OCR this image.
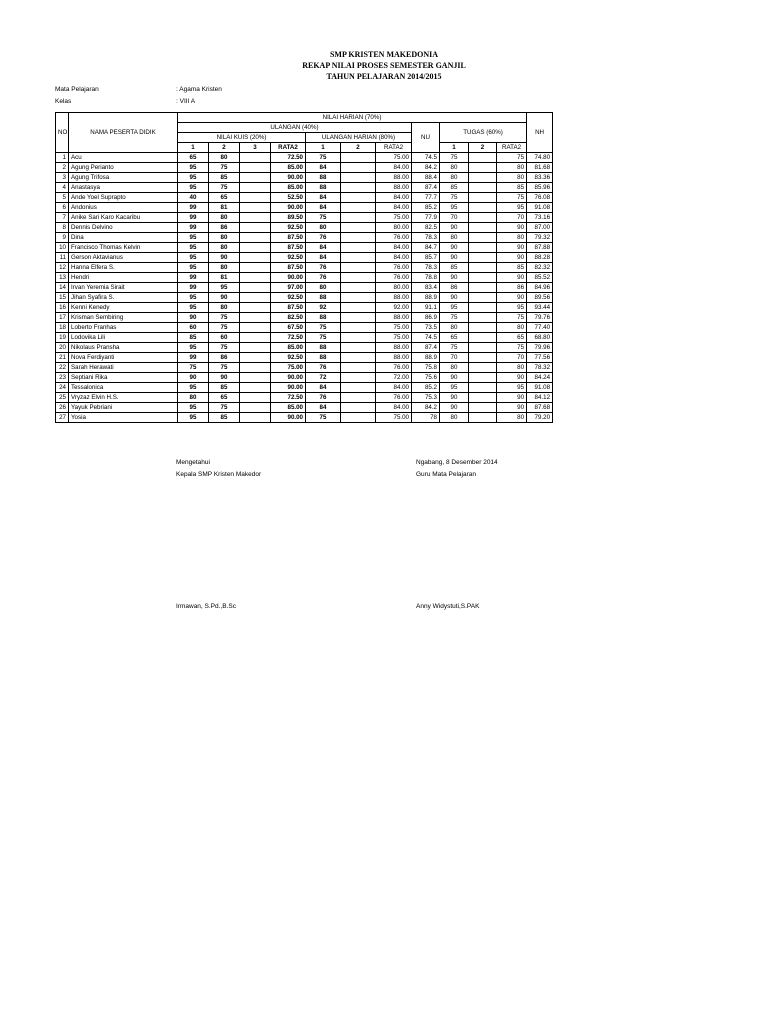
SMP KRISTEN MAKEDONIA
REKAP NILAI PROSES SEMESTER GANJIL
TAHUN PELAJARAN 2014/2015
Mata Pelajaran	: Agama Kristen
Kelas	: VIII A
NO	NAMA PESERTA DIDIK	NILAI HARIAN (70%)											NH
		ULANGAN (40%)							NU	TUGAS (60%)			
		NILAI KUIS (20%)				ULANGAN HARIAN (80%)							
		1	2	3	RATA2	1	2	RATA2		1	2	RATA2	
1	Acu	65	80		72.50	75		75.00	74.5	75		75	74.80
2	Agung Perianto	95	75		85.00	84		84.00	84.2	80		80	81.68
3	Agung Trifosa	95	85		90.00	88		88.00	88.4	80		80	83.36
4	Anastasya	95	75		85.00	88		88.00	87.4	85		85	85.96
5	Ande Yoel Suprapto	40	65		52.50	84		84.00	77.7	75		75	76.08
6	Andonius	99	81		90.00	84		84.00	85.2	95		95	91.08
7	Anike Sari Karo Kacaribu	99	80		89.50	75		75.00	77.9	70		70	73.16
8	Dennis Delvino	99	86		92.50	80		80.00	82.5	90		90	87.00
9	Dina	95	80		87.50	76		76.00	78.3	80		80	79.32
10	Francisco Thomas Kelvin	95	80		87.50	84		84.00	84.7	90		90	87.88
11	Gerson Aktavianus	95	90		92.50	84		84.00	85.7	90		90	88.28
12	Hanna Elfera S.	95	80		87.50	76		76.00	78.3	85		85	82.32
13	Hendri	99	81		90.00	76		76.00	78.8	90		90	85.52
14	Irvan Yeremia Sirait	99	95		97.00	80		80.00	83.4	86		86	84.96
15	Jihan Syafira S.	95	90		92.50	88		88.00	88.9	90		90	89.56
16	Kenni Kenedy	95	80		87.50	92		92.00	91.1	95		95	93.44
17	Krisman Sembiring	90	75		82.50	88		88.00	86.9	75		75	79.76
18	Loberto Franhas	60	75		67.50	75		75.00	73.5	80		80	77.40
19	Lodovika Lili	85	60		72.50	75		75.00	74.5	65		65	68.80
20	Nikolaus Pransha	95	75		85.00	88		88.00	87.4	75		75	79.96
21	Nova Ferdiyanti	99	86		92.50	88		88.00	88.9	70		70	77.56
22	Sarah Herawati	75	75		75.00	76		76.00	75.8	80		80	78.32
23	Septiani Rika	90	90		90.00	72		72.00	75.6	90		90	84.24
24	Tessalonica	95	85		90.00	84		84.00	85.2	95		95	91.08
25	Vryzaz Elvin H.S.	80	65		72.50	76		76.00	75.3	90		90	84.12
26	Yayuk Pebriani	95	75		85.00	84		84.00	84.2	90		90	87.68
27	Yosia	95	85		90.00	75		75.00	78	80		80	79.20
Mengetahui
Kepala SMP Kristen Makedor
Ngabang, 8 Desember 2014
Guru Mata Pelajaran
Irmawan, S.Pd.,B.Sc	Anny Widystuti,S.PAK
